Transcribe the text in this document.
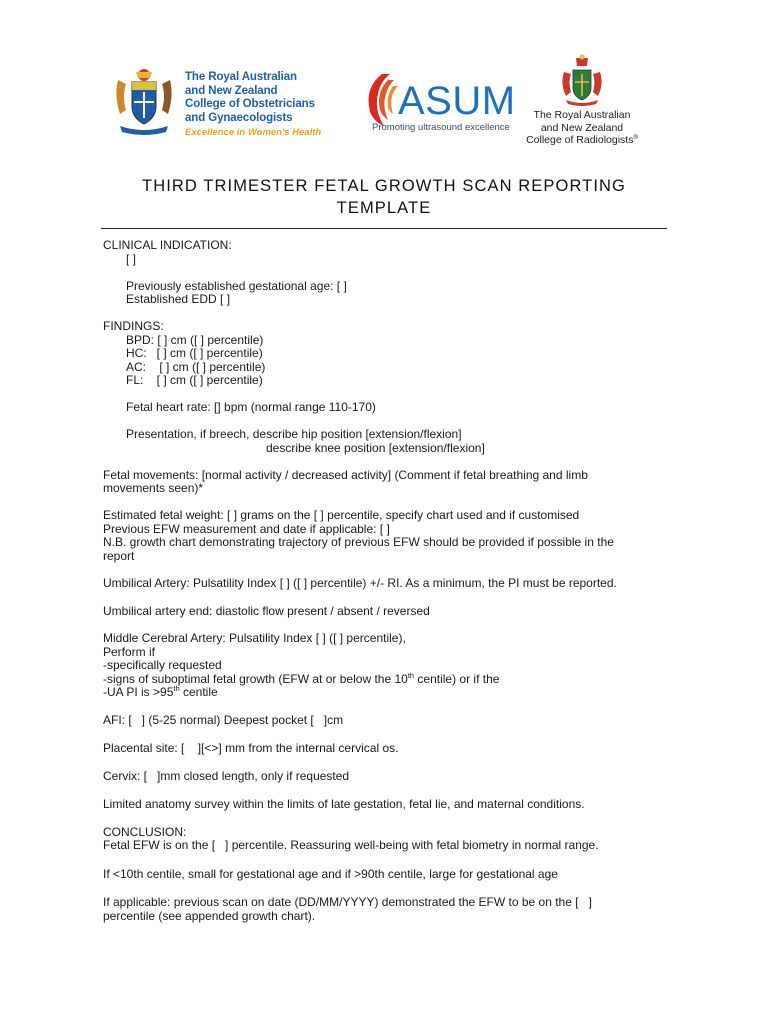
The Royal Australian
and New Zealand
College of Obstetricians
and Gynaecologists
Excellence in Women's Health
ASUM
Promoting ultrasound excellence
The Royal Australian
and New Zealand
College of Radiologists®
THIRD TRIMESTER FETAL GROWTH SCAN REPORTING
TEMPLATE
CLINICAL INDICATION:
[ ]
Previously established gestational age: [ ]
Established EDD [ ]
FINDINGS:
BPD: [ ] cm ([ ] percentile)
HC:   [ ] cm ([ ] percentile)
AC:    [ ] cm ([ ] percentile)
FL:    [ ] cm ([ ] percentile)
Fetal heart rate: [] bpm (normal range 110-170)
Presentation, if breech, describe hip position [extension/flexion]
describe knee position [extension/flexion]
Fetal movements: [normal activity / decreased activity] (Comment if fetal breathing and limb
movements seen)*
Estimated fetal weight: [ ] grams on the [ ] percentile, specify chart used and if customised
Previous EFW measurement and date if applicable: [ ]
N.B. growth chart demonstrating trajectory of previous EFW should be provided if possible in the
report
Umbilical Artery: Pulsatility Index [ ] ([ ] percentile) +/- RI. As a minimum, the PI must be reported.
Umbilical artery end: diastolic flow present / absent / reversed
Middle Cerebral Artery: Pulsatility Index [ ] ([ ] percentile),
Perform if
-specifically requested
-signs of suboptimal fetal growth (EFW at or below the 10th centile) or if the
-UA PI is >95th centile
AFI: [   ] (5-25 normal) Deepest pocket [   ]cm
Placental site: [    ][<>] mm from the internal cervical os.
Cervix: [   ]mm closed length, only if requested
Limited anatomy survey within the limits of late gestation, fetal lie, and maternal conditions.
CONCLUSION:
Fetal EFW is on the [   ] percentile. Reassuring well-being with fetal biometry in normal range.
If <10th centile, small for gestational age and if >90th centile, large for gestational age
If applicable: previous scan on date (DD/MM/YYYY) demonstrated the EFW to be on the [   ]
percentile (see appended growth chart).
